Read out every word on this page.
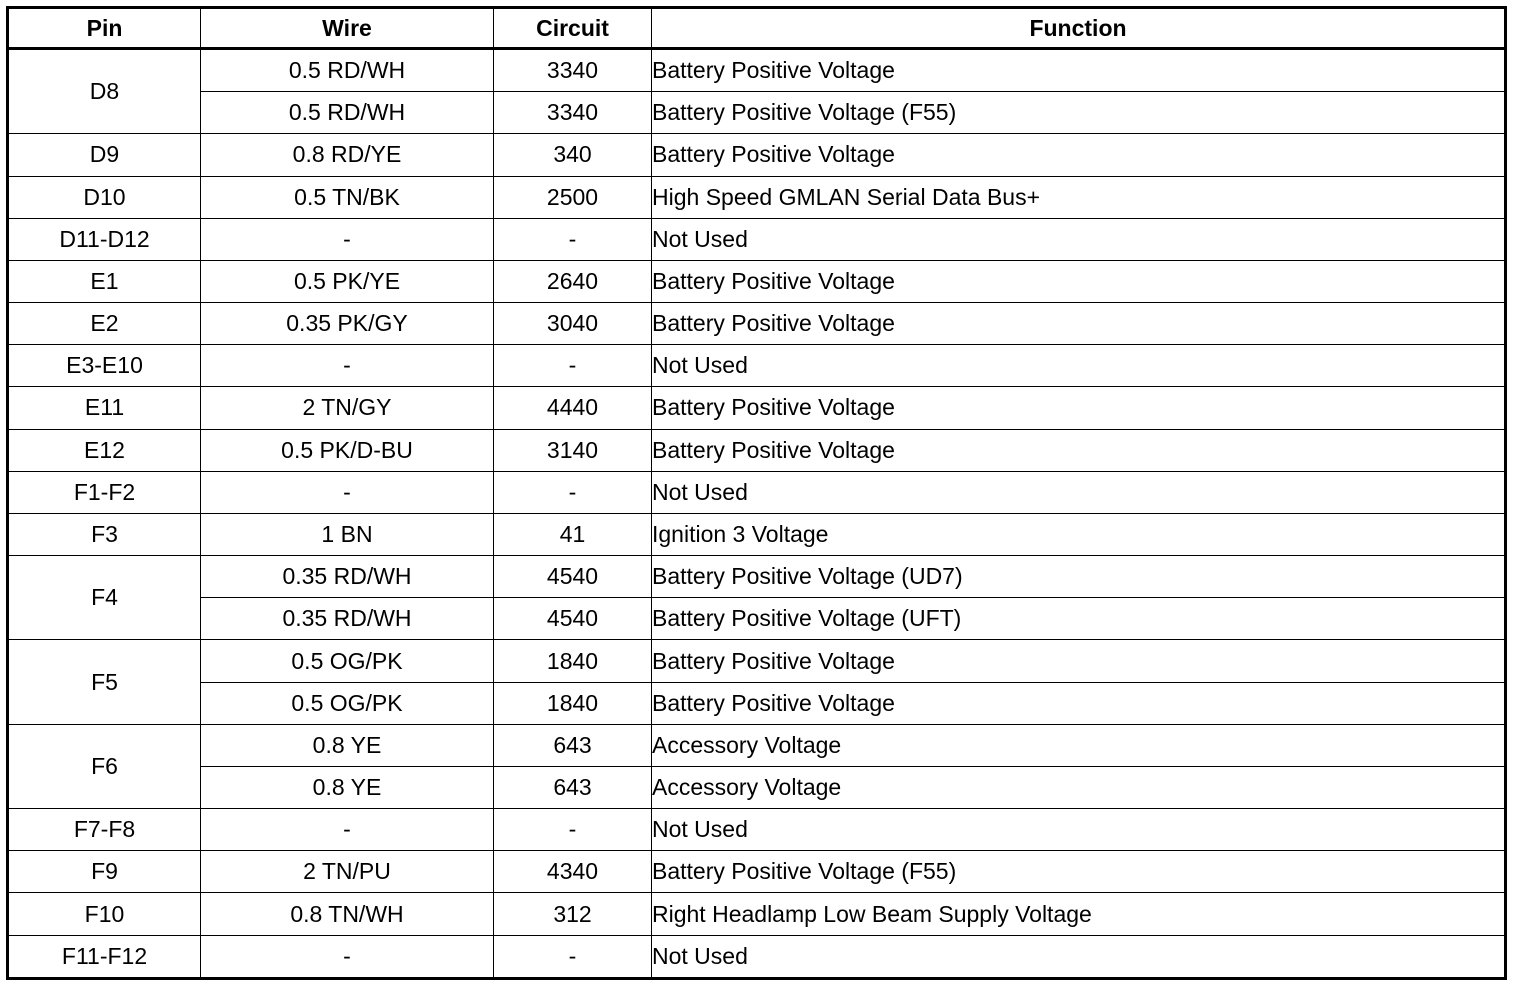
Pin	Wire	Circuit	Function
D8	0.5 RD/WH	3340	Battery Positive Voltage
	0.5 RD/WH	3340	Battery Positive Voltage (F55)
D9	0.8 RD/YE	340	Battery Positive Voltage
D10	0.5 TN/BK	2500	High Speed GMLAN Serial Data Bus+
D11-D12	-	-	Not Used
E1	0.5 PK/YE	2640	Battery Positive Voltage
E2	0.35 PK/GY	3040	Battery Positive Voltage
E3-E10	-	-	Not Used
E11	2 TN/GY	4440	Battery Positive Voltage
E12	0.5 PK/D-BU	3140	Battery Positive Voltage
F1-F2	-	-	Not Used
F3	1 BN	41	Ignition 3 Voltage
F4	0.35 RD/WH	4540	Battery Positive Voltage (UD7)
	0.35 RD/WH	4540	Battery Positive Voltage (UFT)
F5	0.5 OG/PK	1840	Battery Positive Voltage
	0.5 OG/PK	1840	Battery Positive Voltage
F6	0.8 YE	643	Accessory Voltage
	0.8 YE	643	Accessory Voltage
F7-F8	-	-	Not Used
F9	2 TN/PU	4340	Battery Positive Voltage (F55)
F10	0.8 TN/WH	312	Right Headlamp Low Beam Supply Voltage
F11-F12	-	-	Not Used
